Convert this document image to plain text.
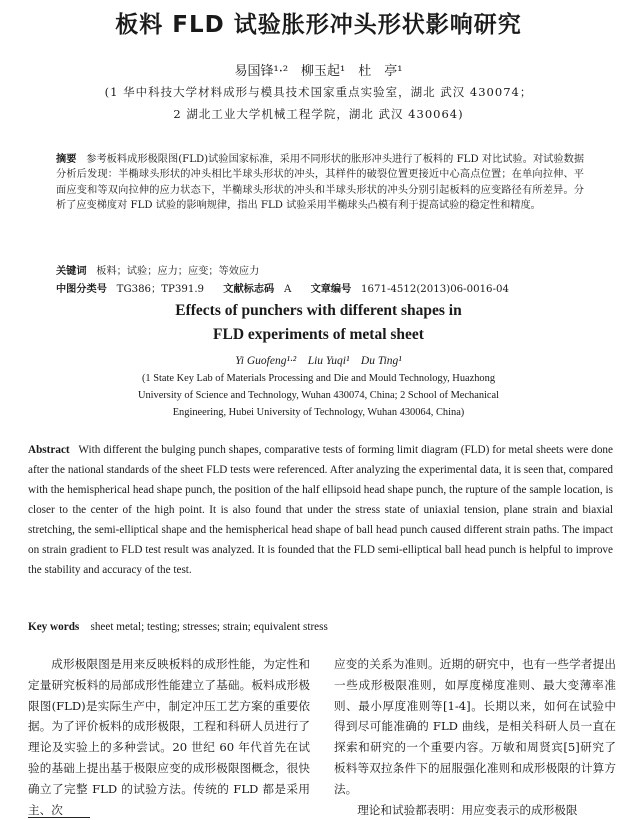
板料 FLD 试验胀形冲头形状影响研究
易国锋¹·²　柳玉起¹　杜　亭¹
(1 华中科技大学材料成形与模具技术国家重点实验室，湖北 武汉 430074；
2 湖北工业大学机械工程学院，湖北 武汉 430064)
摘要 参考板料成形极限图(FLD)试验国家标准，采用不同形状的胀形冲头进行了板料的 FLD 对比试验。对试验数据分析后发现：半椭球头形状的冲头相比半球头形状的冲头，其样件的破裂位置更接近中心高点位置；在单向拉伸、平面应变和等双向拉伸的应力状态下，半椭球头形状的冲头和半球头形状的冲头分别引起板料的应变路径有所差异。分析了应变梯度对 FLD 试验的影响规律，指出 FLD 试验采用半椭球头凸模有利于提高试验的稳定性和精度。
关键词 板料；试验；应力；应变；等效应力
中图分类号 TG386；TP391.9 文献标志码 A 文章编号 1671-4512(2013)06-0016-04
Effects of punchers with different shapes in
FLD experiments of metal sheet
Yi Guofeng¹·²　Liu Yuqi¹　Du Ting¹
(1 State Key Lab of Materials Processing and Die and Mould Technology, Huazhong
University of Science and Technology, Wuhan 430074, China; 2 School of Mechanical
Engineering, Hubei University of Technology, Wuhan 430064, China)
Abstract With different the bulging punch shapes, comparative tests of forming limit diagram (FLD) for metal sheets were done after the national standards of the sheet FLD tests were referenced. After analyzing the experimental data, it is seen that, compared with the hemispherical head shape punch, the position of the half ellipsoid head shape punch, the rupture of the sample location, is closer to the center of the high point. It is also found that under the stress state of uniaxial tension, plane strain and biaxial stretching, the semi-elliptical shape and the hemispherical head shape of ball head punch caused different strain paths. The impact on strain gradient to FLD test result was analyzed. It is founded that the FLD semi-elliptical ball head punch is helpful to improve the stability and accuracy of the test.
Key words sheet metal; testing; stresses; strain; equivalent stress
成形极限图是用来反映板料的成形性能，为定性和定量研究板料的局部成形性能建立了基础。板料成形极限图(FLD)是实际生产中，制定冲压工艺方案的重要依据。为了评价板料的成形极限，工程和科研人员进行了理论及实验上的多种尝试。20 世纪 60 年代首先在试验的基础上提出基于极限应变的成形极限图概念，很快确立了完整 FLD 的试验方法。传统的 FLD 都是采用主、次
应变的关系为准则。近期的研究中，也有一些学者提出一些成形极限准则，如厚度梯度准则、最大变薄率准则、最小厚度准则等[1-4]。长期以来，如何在试验中得到尽可能准确的 FLD 曲线，是相关科研人员一直在探索和研究的一个重要内容。万敏和周贤宾[5]研究了板料等双拉条件下的屈服强化准则和成形极限的计算方法。
理论和试验都表明：用应变表示的成形极限
